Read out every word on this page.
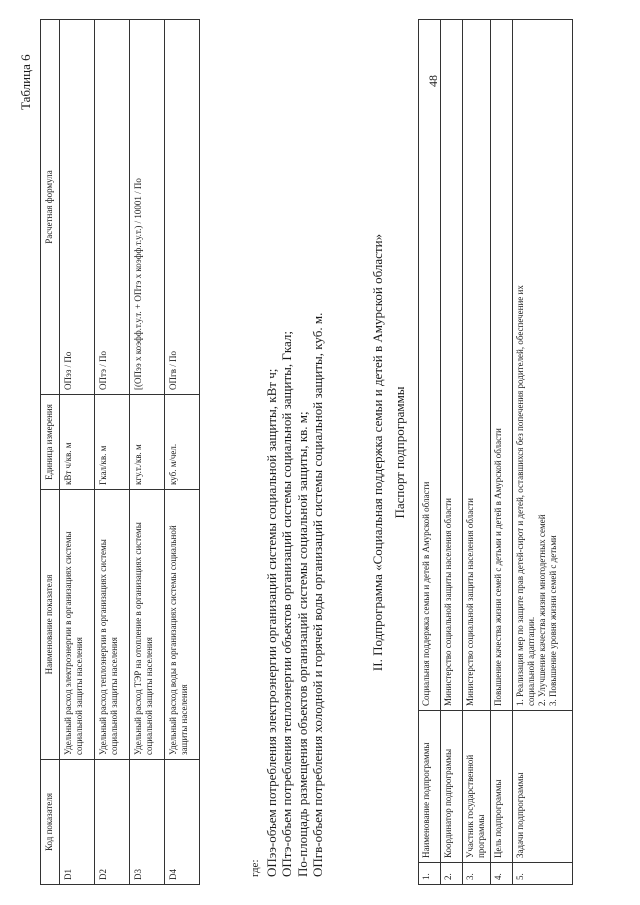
48
Таблица 6
Код показателя	Наименование показателя	Единица измерения	Расчетная формула
D1	Удельный расход электроэнергии в организациях системы социальной защиты населения	кВт ч/кв. м	ОПэз / По
D2	Удельный расход теплоэнергии в организациях системы социальной защиты населения	Гкал/кв. м	ОПтэ / По
D3	Удельный расход ТЭР на отопление в организациях системы социальной защиты населения	кгу.т./кв. м	[(ОПээ х коэфф.т.у.т. + ОПтэ х коэфф.т.у.т.) / 10001 / По
D4	Удельный расход воды в организациях системы социальной защиты населения	куб. м/чел.	ОПгв / По
где: ОПээ-объем потребления электроэнергии организаций системы социальной защиты, кВт ч; ОПтэ-объем потребления теплоэнергии объектов организаций системы социальной защиты, Гкал; По-площадь размещения объектов организаций системы социальной защиты, кв. м; ОПгв-объем потребления холодной и горячей воды организаций системы социальной защиты, куб. м.	II. Подпрограмма «Социальная поддержка семьи и детей в Амурской области» Паспорт подпрограммы
1.	Наименование подпрограммы	Социальная поддержка семьи и детей в Амурской области
2.	Координатор подпрограммы	Министерство социальной защиты населения области
3.	Участник государственной программы	Министерство социальной защиты населения области
4.	Цель подпрограммы	Повышение качества жизни семей с детьми и детей в Амурской области
5.	Задачи подпрограммы	1. Реализация мер по защите прав детей-сирот и детей, оставшихся без попечения родителей, обеспечение их социальной адаптации. 2. Улучшение качества жизни многодетных семей 3. Повышение уровня жизни семей с детьми
